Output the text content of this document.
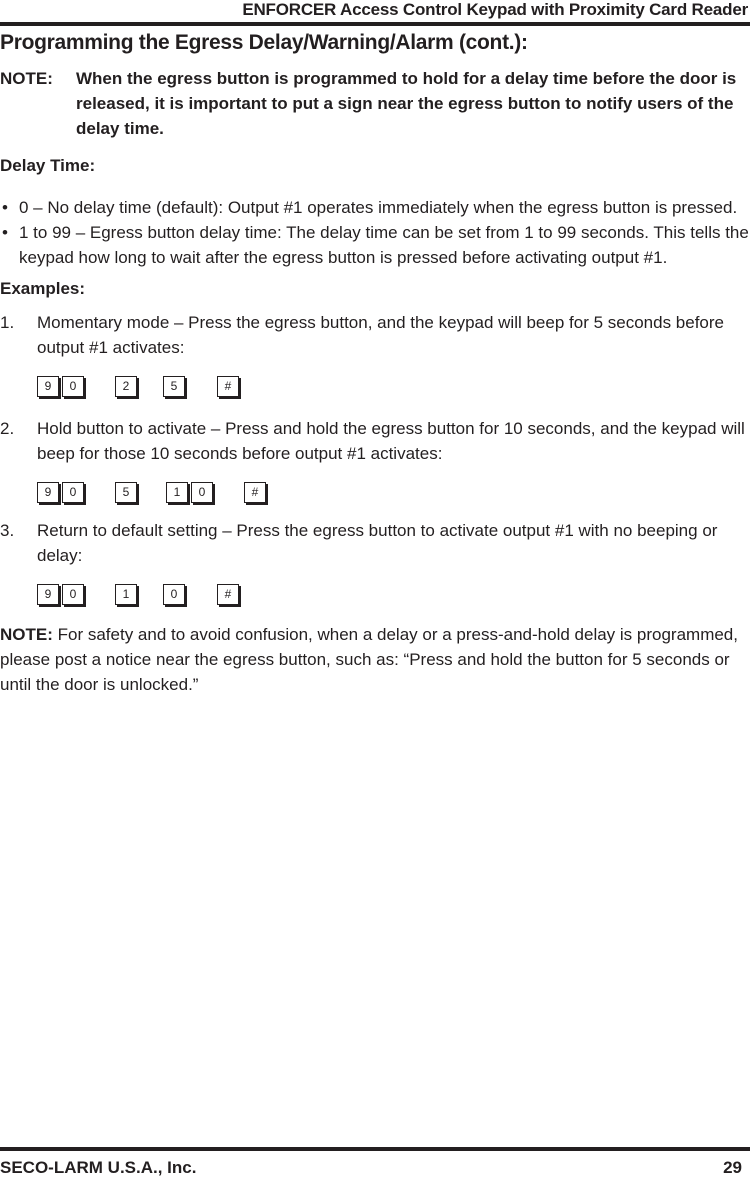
ENFORCER Access Control Keypad with Proximity Card Reader
Programming the Egress Delay/Warning/Alarm (cont.):
NOTE: When the egress button is programmed to hold for a delay time before the door is released, it is important to put a sign near the egress button to notify users of the delay time.
Delay Time:
• 0 – No delay time (default): Output #1 operates immediately when the egress button is pressed.
• 1 to 99 – Egress button delay time: The delay time can be set from 1 to 99 seconds. This tells the keypad how long to wait after the egress button is pressed before activating output #1.
Examples:
1. Momentary mode – Press the egress button, and the keypad will beep for 5 seconds before output #1 activates:
9	0	2	5	#
2. Hold button to activate – Press and hold the egress button for 10 seconds, and the keypad will beep for those 10 seconds before output #1 activates:
9	0	5	1	0	#
3. Return to default setting – Press the egress button to activate output #1 with no beeping or delay:
9	0	1	0	#
NOTE: For safety and to avoid confusion, when a delay or a press-and-hold delay is programmed, please post a notice near the egress button, such as: “Press and hold the button for 5 seconds or until the door is unlocked.”
SECO-LARM U.S.A., Inc.	29
